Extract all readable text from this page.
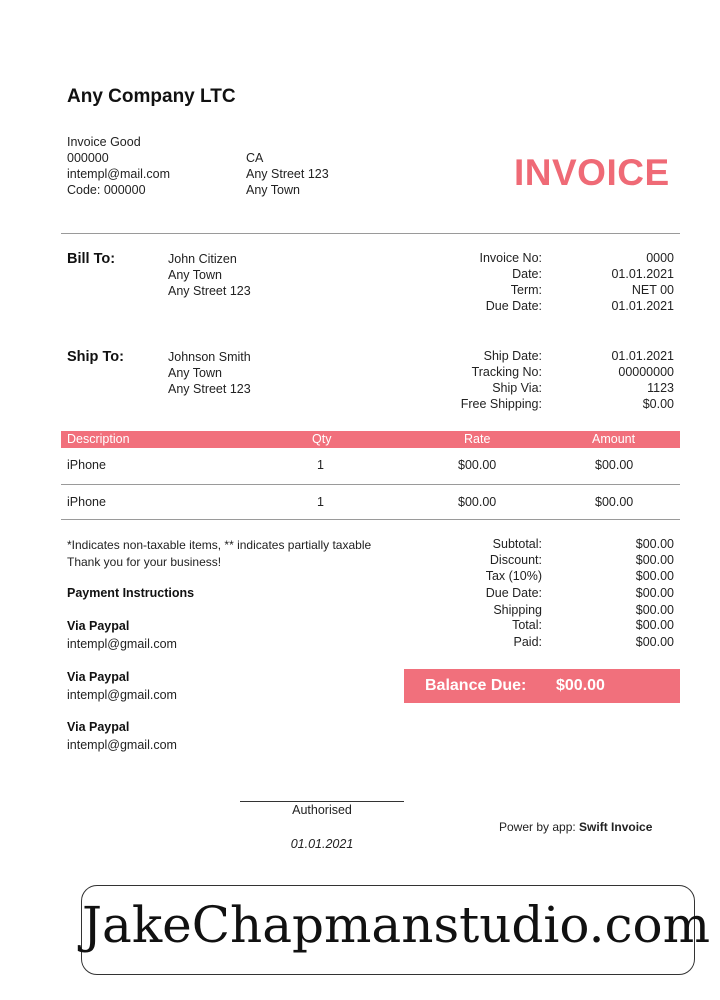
Any Company LTC
Invoice Good
000000
intempl@mail.com
Code: 000000
CA
Any Street 123
Any Town	INVOICE
Bill To:	John Citizen
Any Town
Any Street 123
Invoice No:	0000
Date:	01.01.2021
Term:	NET 00
Due Date:	01.01.2021
Ship To:	Johnson Smith
Any Town
Any Street 123
Ship Date:	01.01.2021
Tracking No:	00000000
Ship Via:	1123
Free Shipping:	$0.00
Description	Qty	Rate	Amount
iPhone	1	$00.00	$00.00
iPhone	1	$00.00	$00.00
*Indicates non-taxable items, ** indicates partially taxable
Thank you for your business!
Payment Instructions
Via Paypal
intempl@gmail.com
Via Paypal
intempl@gmail.com
Via Paypal
intempl@gmail.com
Subtotal:	$00.00
Discount:	$00.00
Tax (10%)	$00.00
Due Date:	$00.00
Shipping	$00.00
Total:	$00.00
Paid:	$00.00
Balance Due: $00.00
Authorised
01.01.2021
Power by app: Swift Invoice
JakeChapmanstudio.com
